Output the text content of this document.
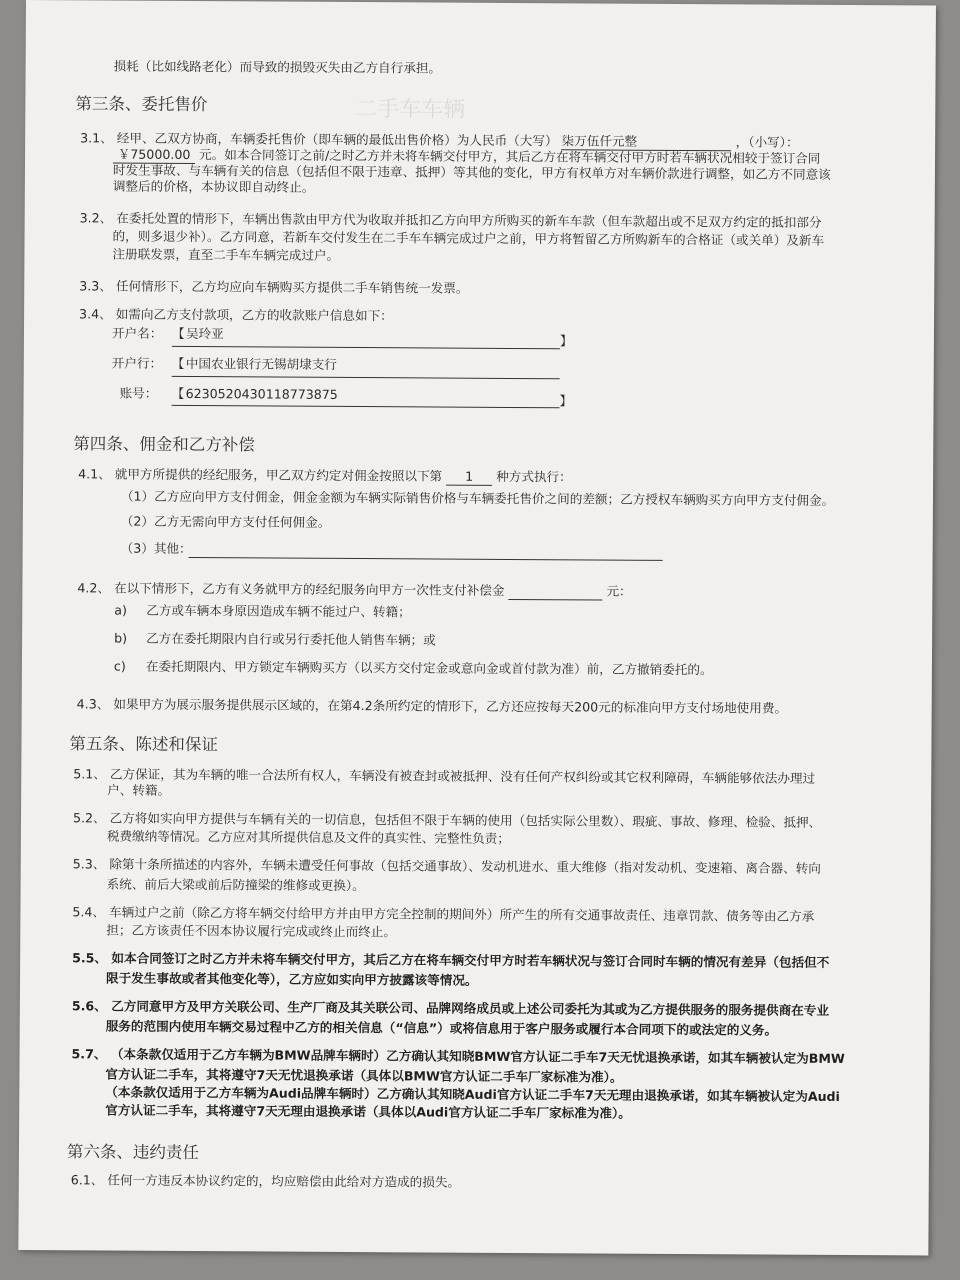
二手车车辆
损耗（比如线路老化）而导致的损毁灭失由乙方自行承担。
第三条、委托售价
3.1、 经甲、乙双方协商，车辆委托售价（即车辆的最低出售价格）为人民币（大写） 柒万伍仟元整	，（小写）：
￥75000.00 元。如本合同签订之前/之时乙方并未将车辆交付甲方，其后乙方在将车辆交付甲方时若车辆状况相较于签订合同
时发生事故、与车辆有关的信息（包括但不限于违章、抵押）等其他的变化，甲方有权单方对车辆价款进行调整，如乙方不同意该
调整后的价格，本协议即自动终止。
3.2、 在委托处置的情形下，车辆出售款由甲方代为收取并抵扣乙方向甲方所购买的新车车款（但车款超出或不足双方约定的抵扣部分
的，则多退少补）。乙方同意，若新车交付发生在二手车车辆完成过户之前，甲方将暂留乙方所购新车的合格证（或关单）及新车
注册联发票，直至二手车车辆完成过户。
3.3、 任何情形下，乙方均应向车辆购买方提供二手车销售统一发票。
3.4、 如需向乙方支付款项，乙方的收款账户信息如下：
开户名： 【 吴玲亚	】
开户行： 【 中国农业银行无锡胡埭支行
账号： 【 6230520430118773875	】
第四条、佣金和乙方补偿
4.1、 就甲方所提供的经纪服务，甲乙双方约定对佣金按照以下第 1 种方式执行：
（1）乙方应向甲方支付佣金，佣金金额为车辆实际销售价格与车辆委托售价之间的差额；乙方授权车辆购买方向甲方支付佣金。
（2）乙方无需向甲方支付任何佣金。
（3）其他：
4.2、 在以下情形下，乙方有义务就甲方的经纪服务向甲方一次性支付补偿金	元：
a) 乙方或车辆本身原因造成车辆不能过户、转籍；
b) 乙方在委托期限内自行或另行委托他人销售车辆；或
c) 在委托期限内、甲方锁定车辆购买方（以买方交付定金或意向金或首付款为准）前，乙方撤销委托的。
4.3、 如果甲方为展示服务提供展示区域的，在第4.2条所约定的情形下，乙方还应按每天200元的标准向甲方支付场地使用费。
第五条、陈述和保证
5.1、 乙方保证，其为车辆的唯一合法所有权人，车辆没有被查封或被抵押、没有任何产权纠纷或其它权利障碍，车辆能够依法办理过
户、转籍。
5.2、 乙方将如实向甲方提供与车辆有关的一切信息，包括但不限于车辆的使用（包括实际公里数）、瑕疵、事故、修理、检验、抵押、
税费缴纳等情况。乙方应对其所提供信息及文件的真实性、完整性负责；
5.3、 除第十条所描述的内容外，车辆未遭受任何事故（包括交通事故）、发动机进水、重大维修（指对发动机、变速箱、离合器、转向
系统、前后大梁或前后防撞梁的维修或更换）。
5.4、 车辆过户之前（除乙方将车辆交付给甲方并由甲方完全控制的期间外）所产生的所有交通事故责任、违章罚款、债务等由乙方承
担；乙方该责任不因本协议履行完成或终止而终止。
5.5、 如本合同签订之时乙方并未将车辆交付甲方，其后乙方在将车辆交付甲方时若车辆状况与签订合同时车辆的情况有差异（包括但不
限于发生事故或者其他变化等），乙方应如实向甲方披露该等情况。
5.6、 乙方同意甲方及甲方关联公司、生产厂商及其关联公司、品牌网络成员或上述公司委托为其或为乙方提供服务的服务提供商在专业
服务的范围内使用车辆交易过程中乙方的相关信息（“信息”）或将信息用于客户服务或履行本合同项下的或法定的义务。
5.7、 （本条款仅适用于乙方车辆为BMW品牌车辆时）乙方确认其知晓BMW官方认证二手车7天无忧退换承诺，如其车辆被认定为BMW
官方认证二手车，其将遵守7天无忧退换承诺（具体以BMW官方认证二手车厂家标准为准）。
（本条款仅适用于乙方车辆为Audi品牌车辆时）乙方确认其知晓Audi官方认证二手车7天无理由退换承诺，如其车辆被认定为Audi
官方认证二手车，其将遵守7天无理由退换承诺（具体以Audi官方认证二手车厂家标准为准）。
第六条、违约责任
6.1、 任何一方违反本协议约定的，均应赔偿由此给对方造成的损失。
